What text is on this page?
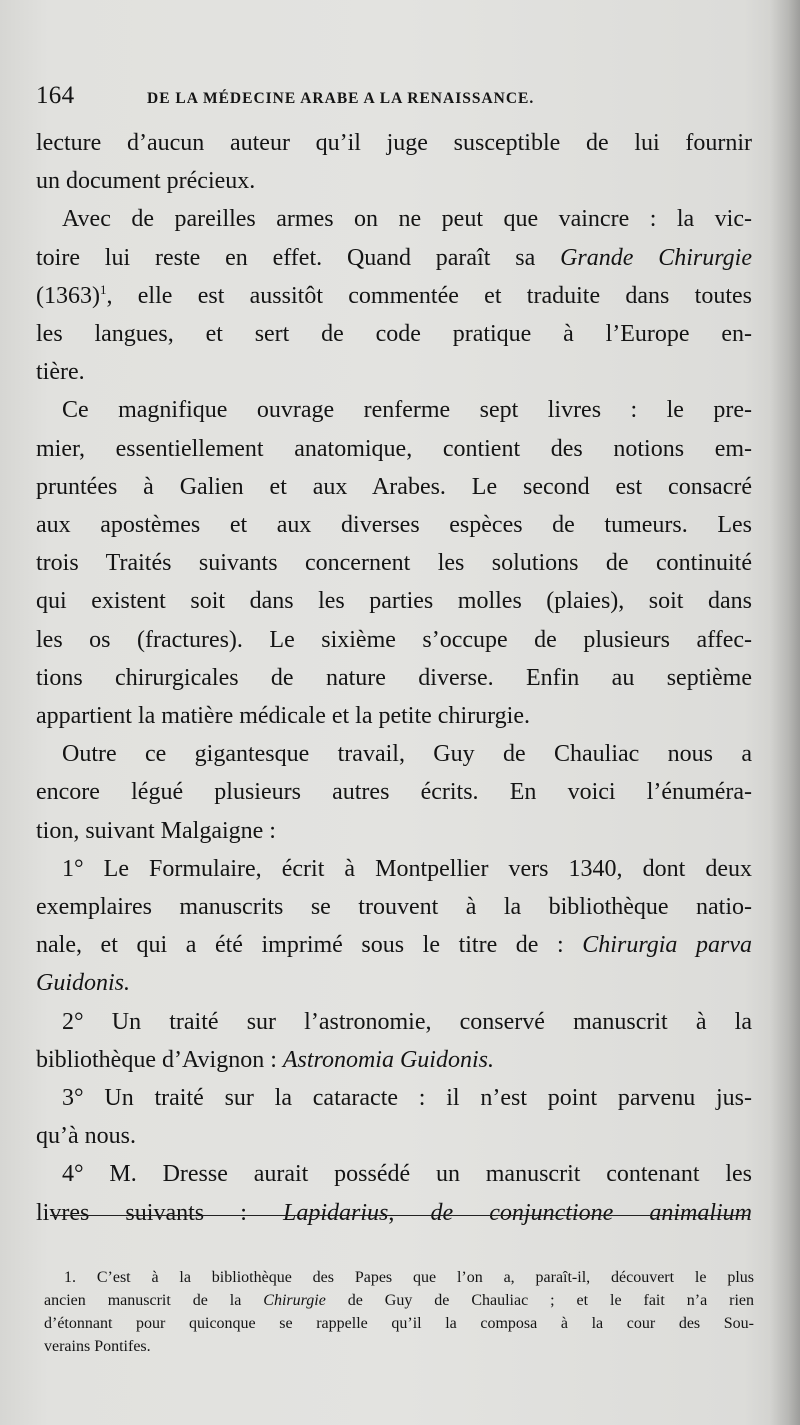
164	DE LA MÉDECINE ARABE A LA RENAISSANCE.
lecture d’aucun auteur qu’il juge susceptible de lui fournir
un document précieux.
Avec de pareilles armes on ne peut que vaincre : la vic-
toire lui reste en effet. Quand paraît sa Grande Chirurgie
$(1363)^1$, elle est aussitôt commentée et traduite dans toutes
les langues, et sert de code pratique à l’Europe en-
tière.
Ce magnifique ouvrage renferme sept livres : le pre-
mier, essentiellement anatomique, contient des notions em-
pruntées à Galien et aux Arabes. Le second est consacré
aux apostèmes et aux diverses espèces de tumeurs. Les
trois Traités suivants concernent les solutions de continuité
qui existent soit dans les parties molles (plaies), soit dans
les os (fractures). Le sixième s’occupe de plusieurs affec-
tions chirurgicales de nature diverse. Enfin au septième
appartient la matière médicale et la petite chirurgie.
Outre ce gigantesque travail, Guy de Chauliac nous a
encore légué plusieurs autres écrits. En voici l’énuméra-
tion, suivant Malgaigne :
1° Le Formulaire, écrit à Montpellier vers 1340, dont deux
exemplaires manuscrits se trouvent à la bibliothèque natio-
nale, et qui a été imprimé sous le titre de : Chirurgia parva
Guidonis.
2° Un traité sur l’astronomie, conservé manuscrit à la
bibliothèque d’Avignon : Astronomia Guidonis.
3° Un traité sur la cataracte : il n’est point parvenu jus-
qu’à nous.
4° M. Dresse aurait possédé un manuscrit contenant les
livres suivants : Lapidarius, de conjunctione animalium
1. C’est à la bibliothèque des Papes que l’on a, paraît-il, découvert le plus
ancien manuscrit de la Chirurgie de Guy de Chauliac ; et le fait n’a rien
d’étonnant pour quiconque se rappelle qu’il la composa à la cour des Sou-
verains Pontifes.
